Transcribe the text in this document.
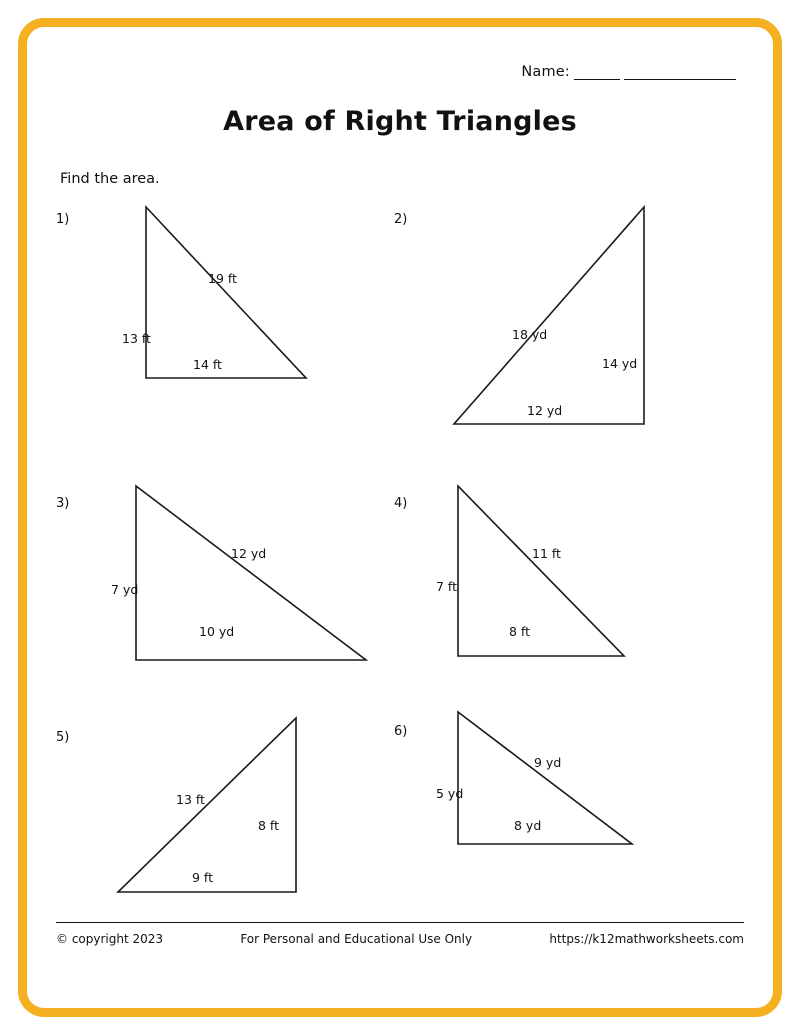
Name:
Area of Right Triangles
Find the area.
1)
13 ft
19 ft
14 ft
2)
18 yd
14 yd
12 yd
3)
7 yd
12 yd
10 yd
4)
7 ft
11 ft
8 ft
5)
13 ft
8 ft
9 ft
6)
5 yd
9 yd
8 yd
© copyright 2023	For Personal and Educational Use Only	https://k12mathworksheets.com
